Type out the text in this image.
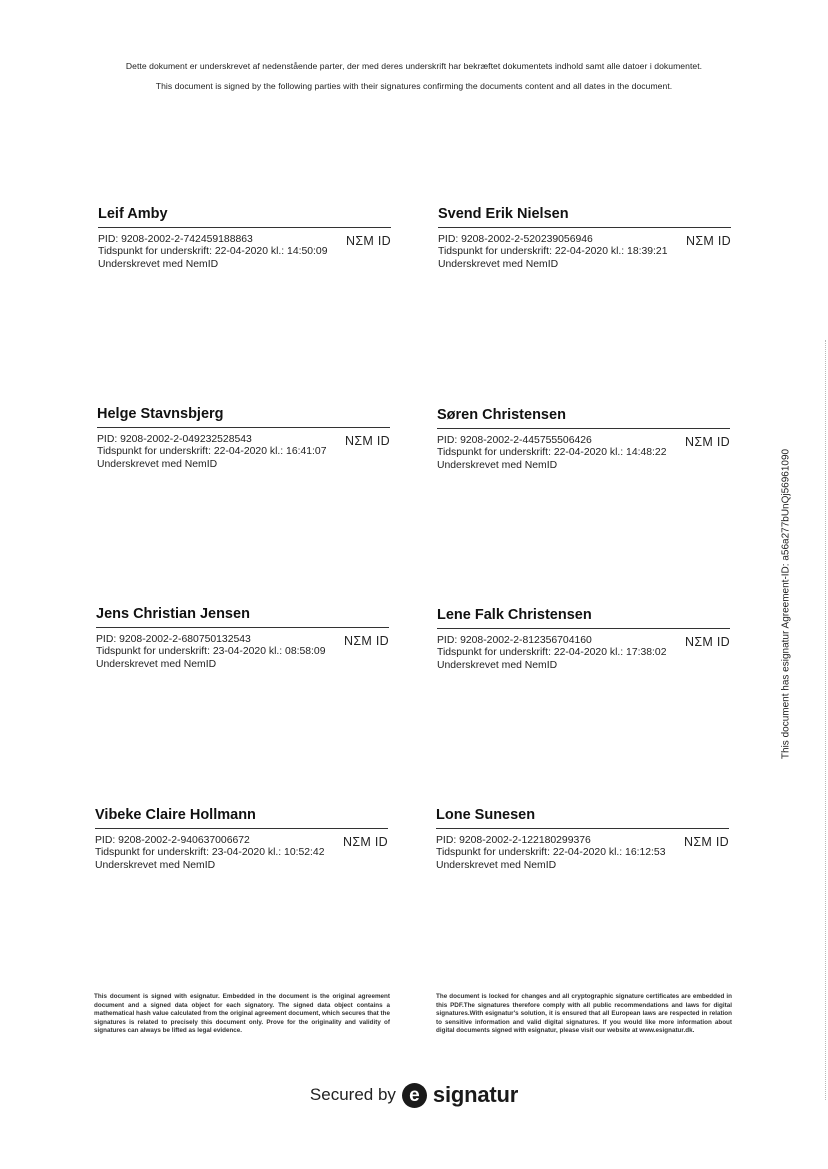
Dette dokument er underskrevet af nedenstående parter, der med deres underskrift har bekræftet dokumentets indhold samt alle datoer i dokumentet.
This document is signed by the following parties with their signatures confirming the documents content and all dates in the document.
Leif Amby
PID: 9208-2002-2-742459188863
Tidspunkt for underskrift: 22-04-2020 kl.: 14:50:09
Underskrevet med NemID
NΣM ID
Svend Erik Nielsen
PID: 9208-2002-2-520239056946
Tidspunkt for underskrift: 22-04-2020 kl.: 18:39:21
Underskrevet med NemID
NΣM ID
Helge Stavnsbjerg
PID: 9208-2002-2-049232528543
Tidspunkt for underskrift: 22-04-2020 kl.: 16:41:07
Underskrevet med NemID
NΣM ID
Søren Christensen
PID: 9208-2002-2-445755506426
Tidspunkt for underskrift: 22-04-2020 kl.: 14:48:22
Underskrevet med NemID
NΣM ID
Jens Christian Jensen
PID: 9208-2002-2-680750132543
Tidspunkt for underskrift: 23-04-2020 kl.: 08:58:09
Underskrevet med NemID
NΣM ID
Lene Falk Christensen
PID: 9208-2002-2-812356704160
Tidspunkt for underskrift: 22-04-2020 kl.: 17:38:02
Underskrevet med NemID
NΣM ID
Vibeke Claire Hollmann
PID: 9208-2002-2-940637006672
Tidspunkt for underskrift: 23-04-2020 kl.: 10:52:42
Underskrevet med NemID
NΣM ID
Lone Sunesen
PID: 9208-2002-2-122180299376
Tidspunkt for underskrift: 22-04-2020 kl.: 16:12:53
Underskrevet med NemID
NΣM ID
This document is signed with esignatur. Embedded in the document is the original agreement document and a signed data object for each signatory. The signed data object contains a mathematical hash value calculated from the original agreement document, which secures that the signatures is related to precisely this document only. Prove for the originality and validity of signatures can always be lifted as legal evidence.
The document is locked for changes and all cryptographic signature certificates are embedded in this PDF.The signatures therefore comply with all public recommendations and laws for digital signatures.With esignatur's solution, it is ensured that all European laws are respected in relation to sensitive information and valid digital signatures. If you would like more information about digital documents signed with esignatur, please visit our website at www.esignatur.dk.
Secured by e signatur
This document has esignatur Agreement-ID: a56a277bUnQj56961090
